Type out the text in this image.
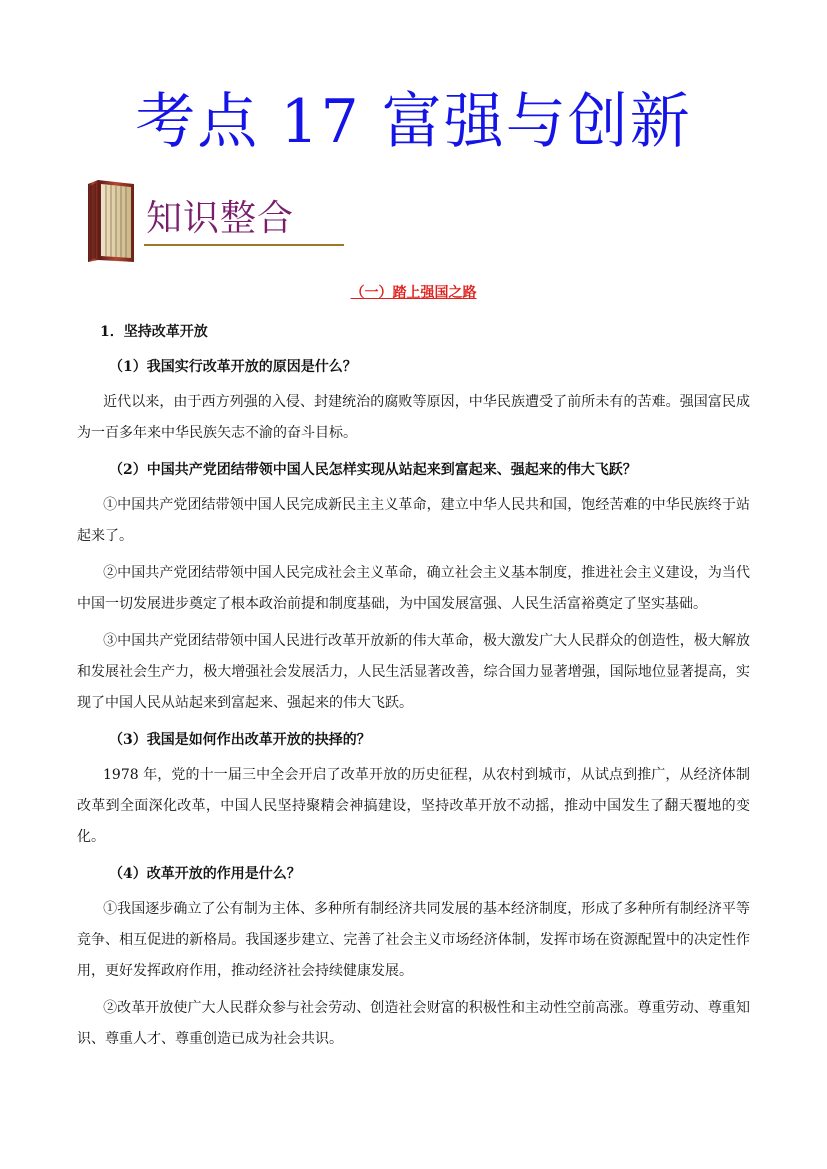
考点 17 富强与创新
知识整合
（一）踏上强国之路

1．坚持改革开放

（1）我国实行改革开放的原因是什么？

近代以来，由于西方列强的入侵、封建统治的腐败等原因，中华民族遭受了前所未有的苦难。强国富民成为一百多年来中华民族矢志不渝的奋斗目标。

（2）中国共产党团结带领中国人民怎样实现从站起来到富起来、强起来的伟大飞跃？

①中国共产党团结带领中国人民完成新民主主义革命，建立中华人民共和国，饱经苦难的中华民族终于站起来了。

②中国共产党团结带领中国人民完成社会主义革命，确立社会主义基本制度，推进社会主义建设，为当代中国一切发展进步奠定了根本政治前提和制度基础，为中国发展富强、人民生活富裕奠定了坚实基础。

③中国共产党团结带领中国人民进行改革开放新的伟大革命，极大激发广大人民群众的创造性，极大解放和发展社会生产力，极大增强社会发展活力，人民生活显著改善，综合国力显著增强，国际地位显著提高，实现了中国人民从站起来到富起来、强起来的伟大飞跃。

（3）我国是如何作出改革开放的抉择的？

1978 年，党的十一届三中全会开启了改革开放的历史征程，从农村到城市，从试点到推广，从经济体制改革到全面深化改革，中国人民坚持聚精会神搞建设，坚持改革开放不动摇，推动中国发生了翻天覆地的变化。

（4）改革开放的作用是什么？

①我国逐步确立了公有制为主体、多种所有制经济共同发展的基本经济制度，形成了多种所有制经济平等竞争、相互促进的新格局。我国逐步建立、完善了社会主义市场经济体制，发挥市场在资源配置中的决定性作用，更好发挥政府作用，推动经济社会持续健康发展。

②改革开放使广大人民群众参与社会劳动、创造社会财富的积极性和主动性空前高涨。尊重劳动、尊重知识、尊重人才、尊重创造已成为社会共识。
